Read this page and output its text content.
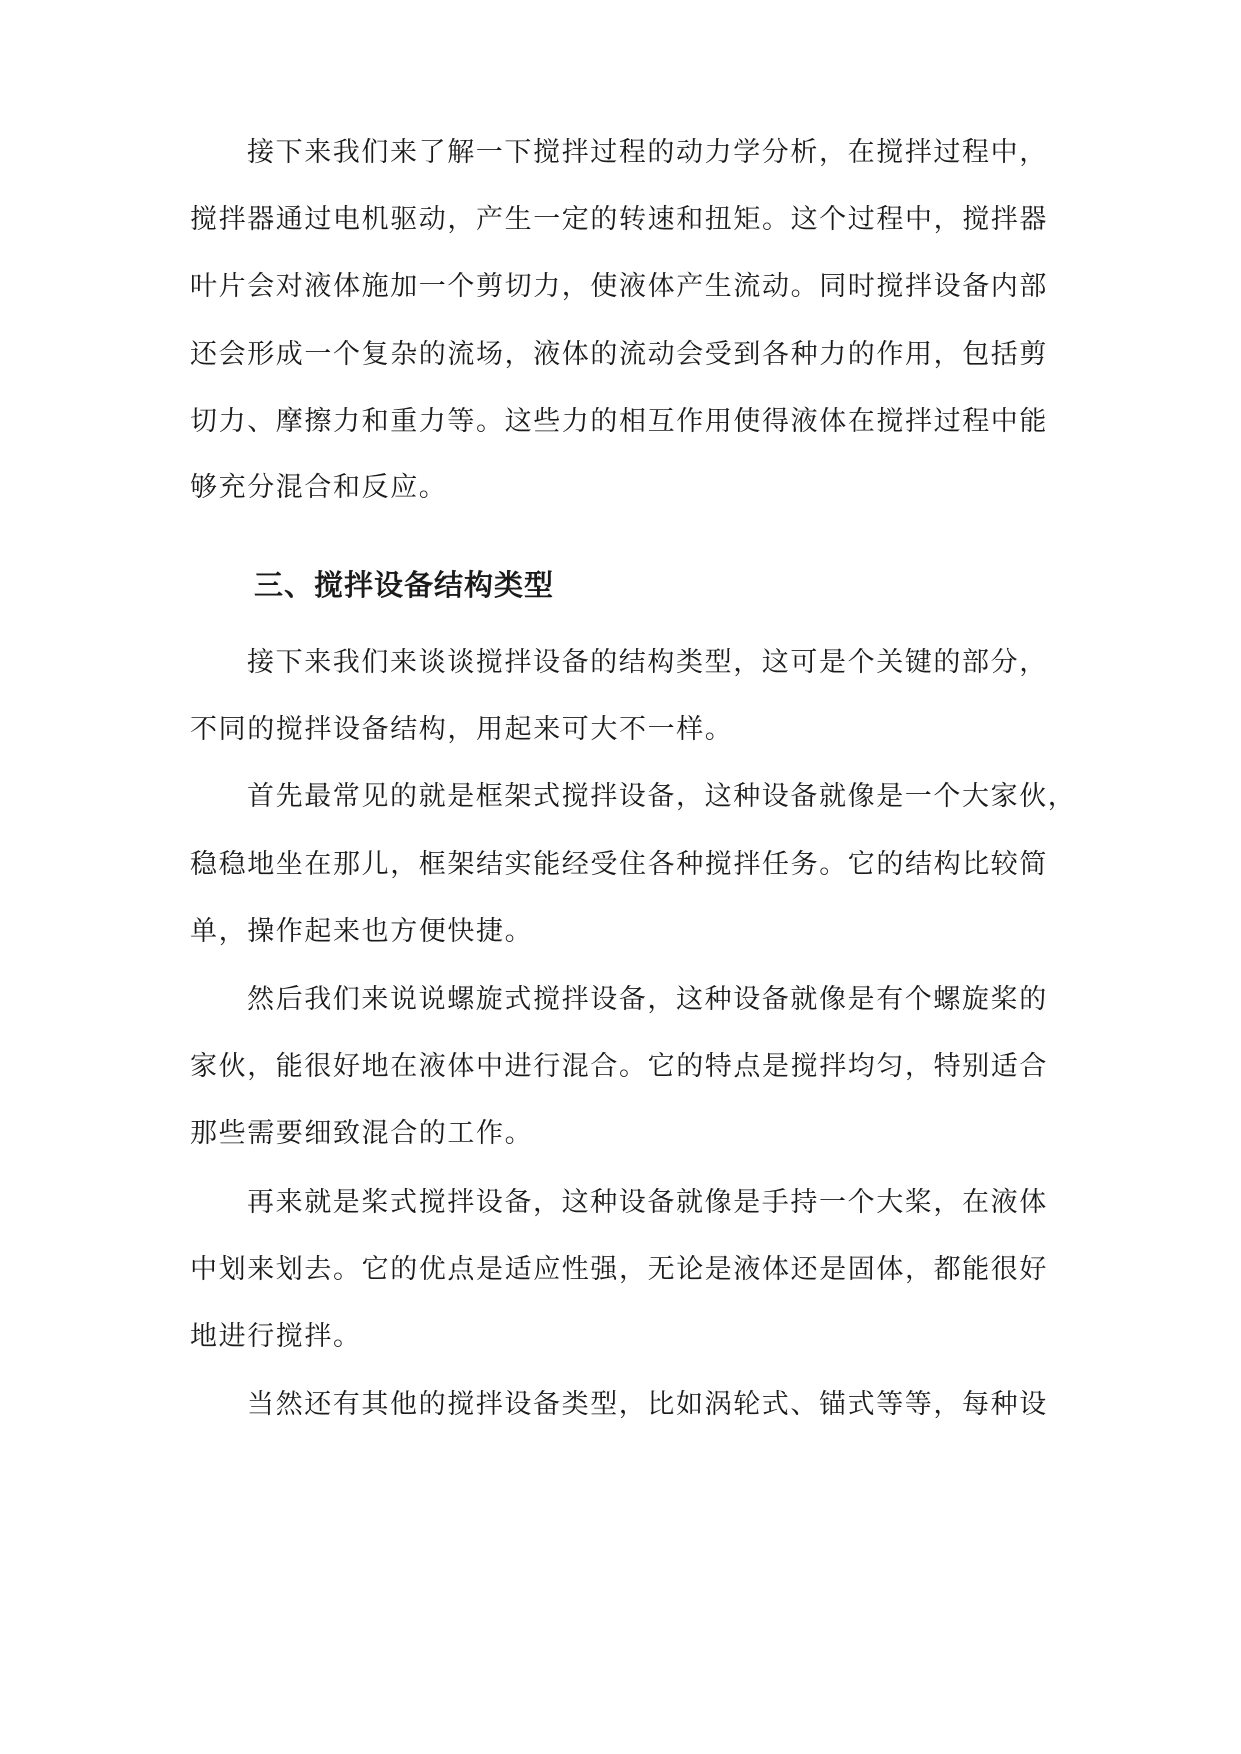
接下来我们来了解一下搅拌过程的动力学分析，在搅拌过程中，
搅拌器通过电机驱动，产生一定的转速和扭矩。这个过程中，搅拌器
叶片会对液体施加一个剪切力，使液体产生流动。同时搅拌设备内部
还会形成一个复杂的流场，液体的流动会受到各种力的作用，包括剪
切力、摩擦力和重力等。这些力的相互作用使得液体在搅拌过程中能
够充分混合和反应。
三、搅拌设备结构类型
接下来我们来谈谈搅拌设备的结构类型，这可是个关键的部分，
不同的搅拌设备结构，用起来可大不一样。
首先最常见的就是框架式搅拌设备，这种设备就像是一个大家伙，
稳稳地坐在那儿，框架结实能经受住各种搅拌任务。它的结构比较简
单，操作起来也方便快捷。
然后我们来说说螺旋式搅拌设备，这种设备就像是有个螺旋桨的
家伙，能很好地在液体中进行混合。它的特点是搅拌均匀，特别适合
那些需要细致混合的工作。
再来就是桨式搅拌设备，这种设备就像是手持一个大桨，在液体
中划来划去。它的优点是适应性强，无论是液体还是固体，都能很好
地进行搅拌。
当然还有其他的搅拌设备类型，比如涡轮式、锚式等等，每种设
